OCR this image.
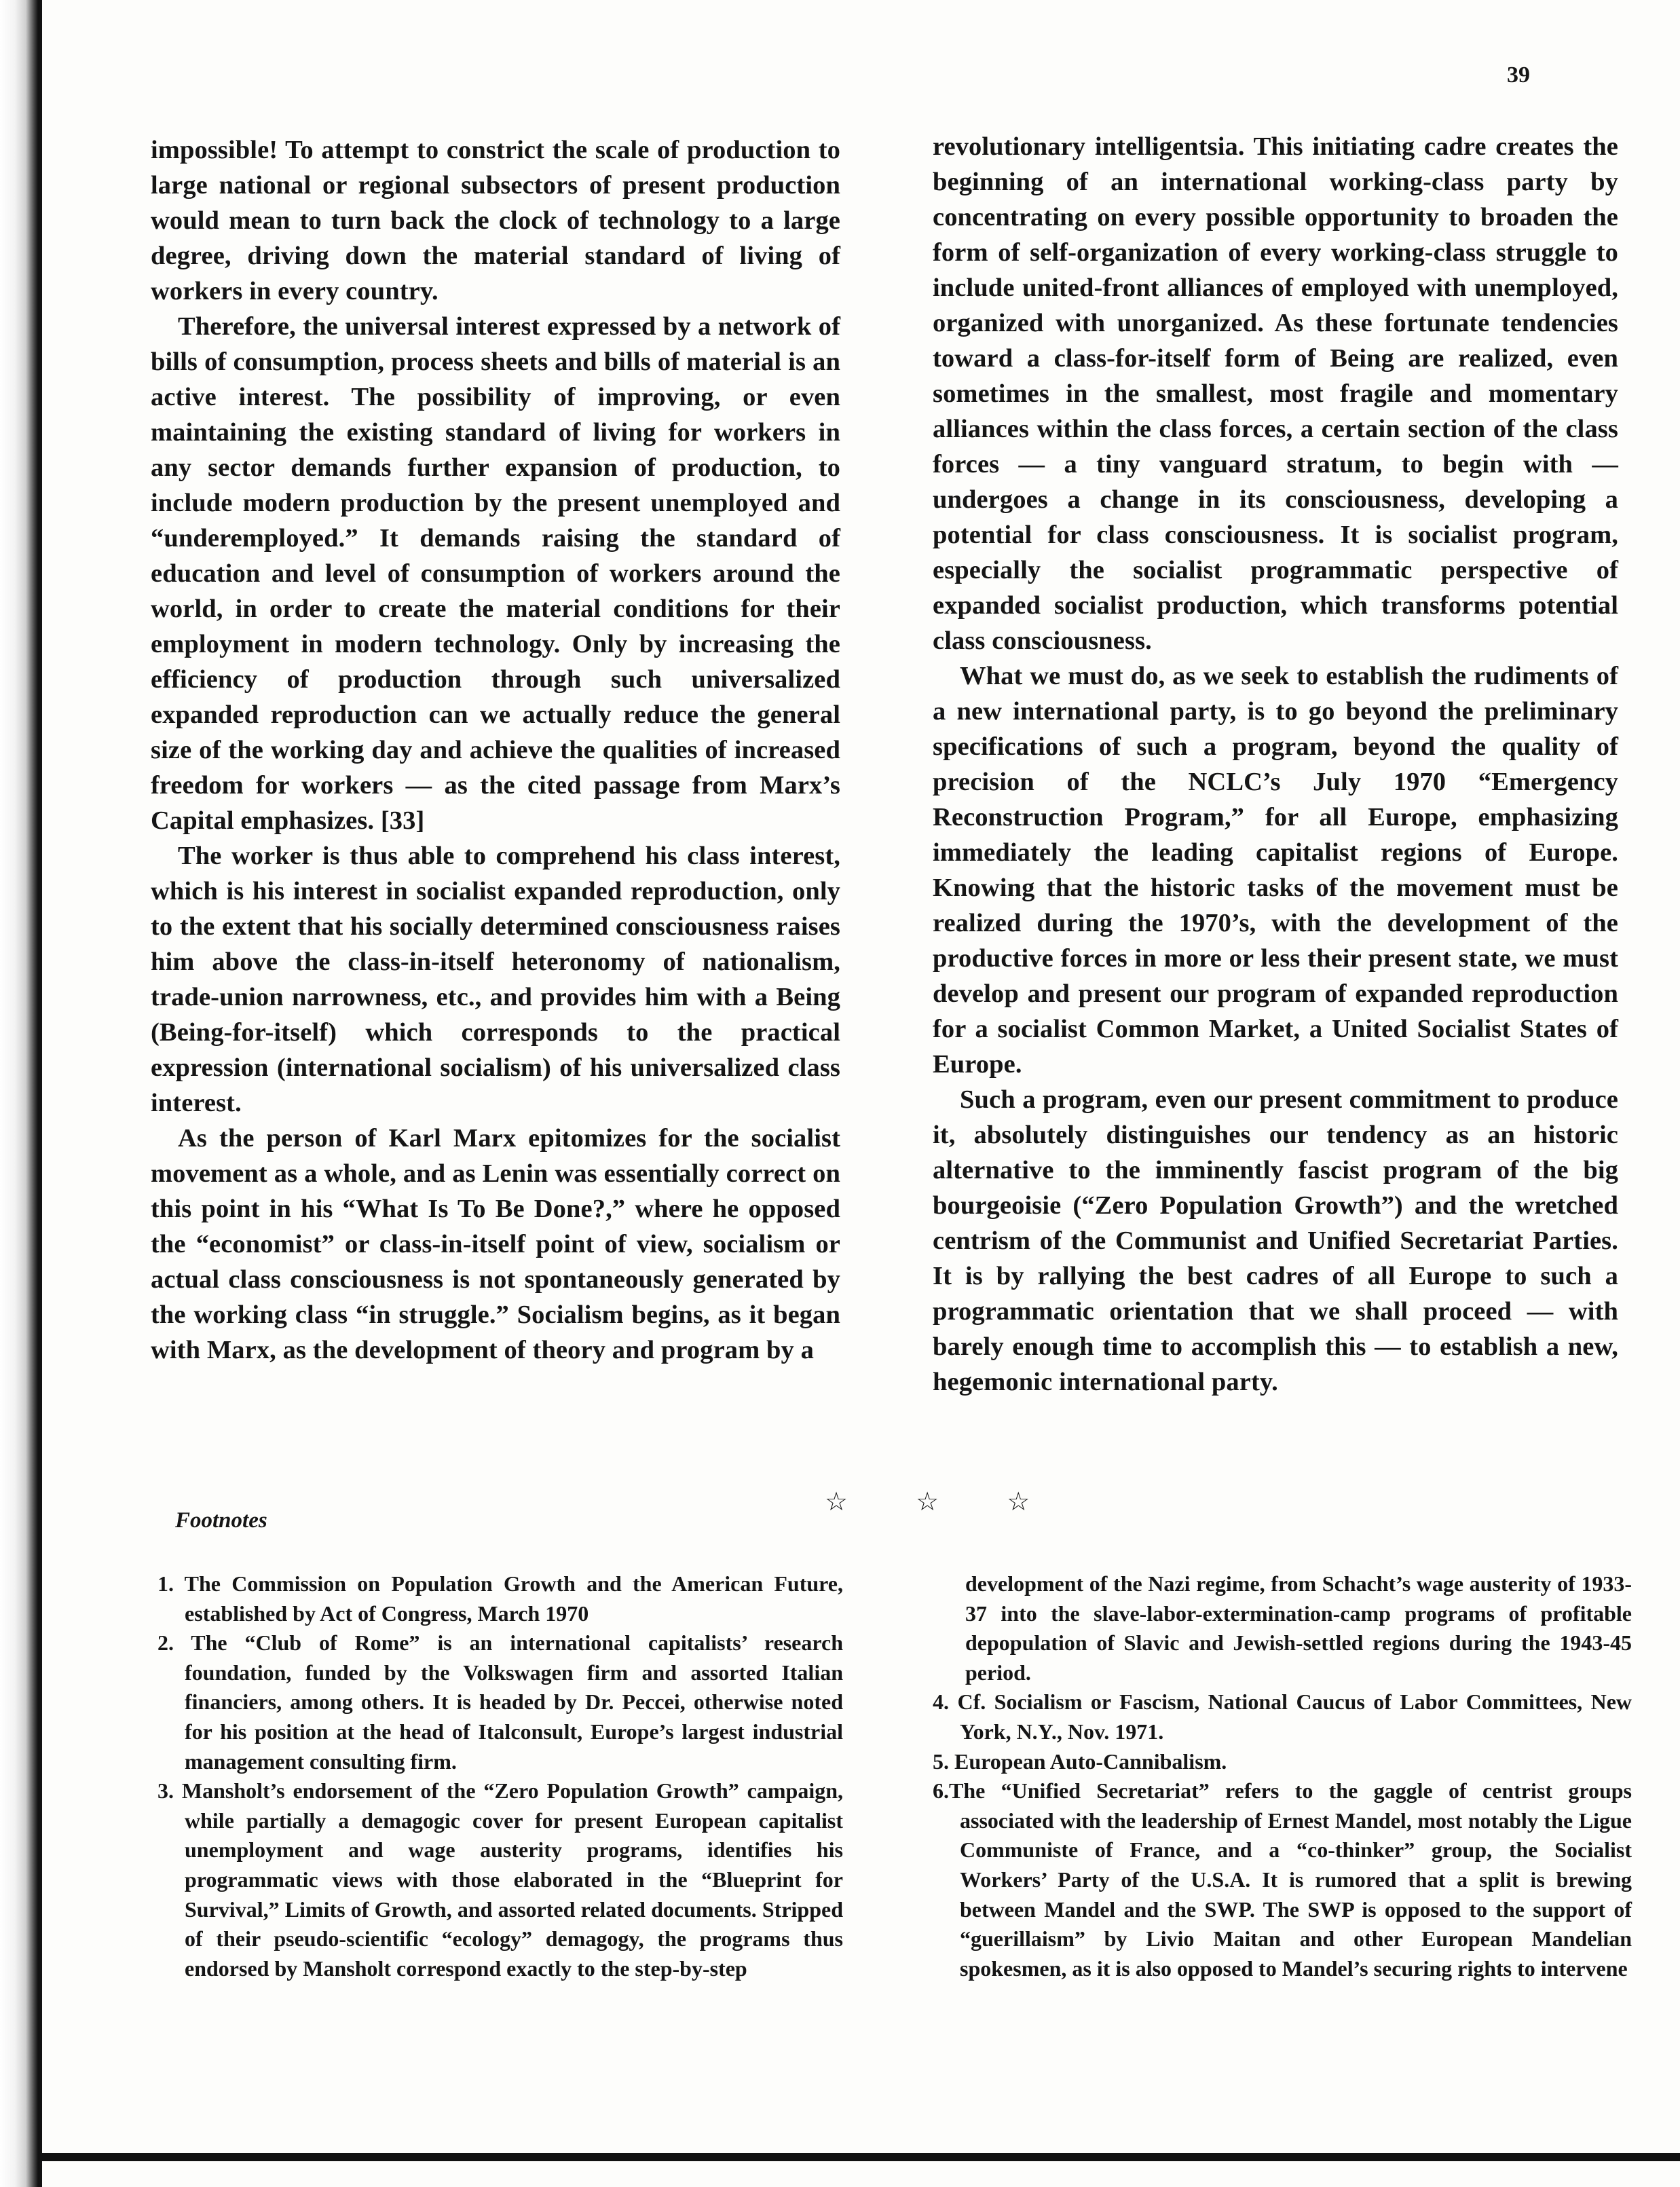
39

impossible! To attempt to constrict the scale of production to large national or regional subsectors of present production would mean to turn back the clock of technology to a large degree, driving down the material standard of living of workers in every country.

Therefore, the universal interest expressed by a network of bills of consumption, process sheets and bills of material is an active interest. The possibility of improving, or even maintaining the existing standard of living for workers in any sector demands further expansion of production, to include modern production by the present unemployed and “underemployed.” It demands raising the standard of education and level of consumption of workers around the world, in order to create the material conditions for their employment in modern technology. Only by increasing the efficiency of production through such universalized expanded reproduction can we actually reduce the general size of the working day and achieve the qualities of increased freedom for workers — as the cited passage from Marx’s Capital emphasizes. [33]

The worker is thus able to comprehend his class interest, which is his interest in socialist expanded reproduction, only to the extent that his socially determined consciousness raises him above the class-in-itself heteronomy of nationalism, trade-union narrowness, etc., and provides him with a Being (Being-for-itself) which corresponds to the practical expression (international socialism) of his universalized class interest.

As the person of Karl Marx epitomizes for the socialist movement as a whole, and as Lenin was essentially correct on this point in his “What Is To Be Done?,” where he opposed the “economist” or class-in-itself point of view, socialism or actual class consciousness is not spontaneously generated by the working class “in struggle.” Socialism begins, as it began with Marx, as the development of theory and program by a

revolutionary intelligentsia. This initiating cadre creates the beginning of an international working-class party by concentrating on every possible opportunity to broaden the form of self-organization of every working-class struggle to include united-front alliances of employed with unemployed, organized with unorganized. As these fortunate tendencies toward a class-for-itself form of Being are realized, even sometimes in the smallest, most fragile and momentary alliances within the class forces, a certain section of the class forces — a tiny vanguard stratum, to begin with — undergoes a change in its consciousness, developing a potential for class consciousness. It is socialist program, especially the socialist programmatic perspective of expanded socialist production, which transforms potential class consciousness.

What we must do, as we seek to establish the rudiments of a new international party, is to go beyond the preliminary specifications of such a program, beyond the quality of precision of the NCLC’s July 1970 “Emergency Reconstruction Program,” for all Europe, emphasizing immediately the leading capitalist regions of Europe. Knowing that the historic tasks of the movement must be realized during the 1970’s, with the development of the productive forces in more or less their present state, we must develop and present our program of expanded reproduction for a socialist Common Market, a United Socialist States of Europe.

Such a program, even our present commitment to produce it, absolutely distinguishes our tendency as an historic alternative to the imminently fascist program of the big bourgeoisie (“Zero Population Growth”) and the wretched centrism of the Communist and Unified Secretariat Parties. It is by rallying the best cadres of all Europe to such a programmatic orientation that we shall proceed — with barely enough time to accomplish this — to establish a new, hegemonic international party.

☆ ☆ ☆
Footnotes

1. The Commission on Population Growth and the American Future, established by Act of Congress, March 1970

2. The “Club of Rome” is an international capitalists’ research foundation, funded by the Volkswagen firm and assorted Italian financiers, among others. It is headed by Dr. Peccei, otherwise noted for his position at the head of Italconsult, Europe’s largest industrial management consulting firm.

3. Mansholt’s endorsement of the “Zero Population Growth” campaign, while partially a demagogic cover for present European capitalist unemployment and wage austerity programs, identifies his programmatic views with those elaborated in the “Blueprint for Survival,” Limits of Growth, and assorted related documents. Stripped of their pseudo-scientific “ecology” demagogy, the programs thus endorsed by Mansholt correspond exactly to the step-by-step

development of the Nazi regime, from Schacht’s wage austerity of 1933-37 into the slave-labor-extermination-camp programs of profitable depopulation of Slavic and Jewish-settled regions during the 1943-45 period.

4. Cf. Socialism or Fascism, National Caucus of Labor Committees, New York, N.Y., Nov. 1971.

5. European Auto-Cannibalism.

6.The “Unified Secretariat” refers to the gaggle of centrist groups associated with the leadership of Ernest Mandel, most notably the Ligue Communiste of France, and a “co-thinker” group, the Socialist Workers’ Party of the U.S.A. It is rumored that a split is brewing between Mandel and the SWP. The SWP is opposed to the support of “guerillaism” by Livio Maitan and other European Mandelian spokesmen, as it is also opposed to Mandel’s securing rights to intervene
